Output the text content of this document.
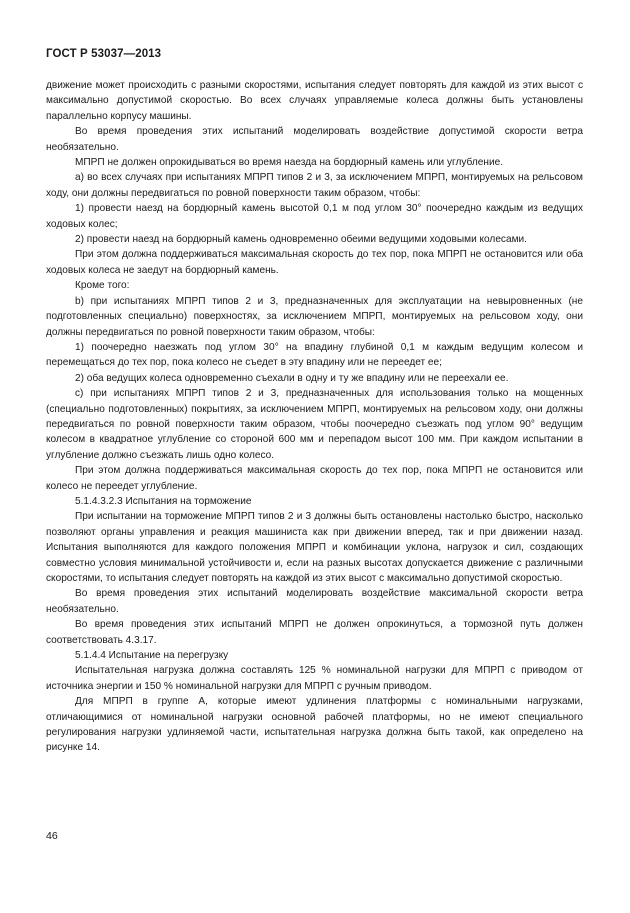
ГОСТ Р 53037—2013

движение может происходить с разными скоростями, испытания следует повторять для каждой из этих высот с максимально допустимой скоростью. Во всех случаях управляемые колеса должны быть установлены параллельно корпусу машины.

Во время проведения этих испытаний моделировать воздействие допустимой скорости ветра необязательно.

МПРП не должен опрокидываться во время наезда на бордюрный камень или углубление.

а) во всех случаях при испытаниях МПРП типов 2 и 3, за исключением МПРП, монтируемых на рельсовом ходу, они должны передвигаться по ровной поверхности таким образом, чтобы:

1) провести наезд на бордюрный камень высотой 0,1 м под углом 30° поочередно каждым из ведущих ходовых колес;

2) провести наезд на бордюрный камень одновременно обеими ведущими ходовыми колесами.

При этом должна поддерживаться максимальная скорость до тех пор, пока МПРП не остановится или оба ходовых колеса не заедут на бордюрный камень.

Кроме того:

b) при испытаниях МПРП типов 2 и 3, предназначенных для эксплуатации на невыровненных (не подготовленных специально) поверхностях, за исключением МПРП, монтируемых на рельсовом ходу, они должны передвигаться по ровной поверхности таким образом, чтобы:

1) поочередно наезжать под углом 30° на впадину глубиной 0,1 м каждым ведущим колесом и перемещаться до тех пор, пока колесо не съедет в эту впадину или не переедет ее;

2) оба ведущих колеса одновременно съехали в одну и ту же впадину или не переехали ее.

с) при испытаниях МПРП типов 2 и 3, предназначенных для использования только на мощенных (специально подготовленных) покрытиях, за исключением МПРП, монтируемых на рельсовом ходу, они должны передвигаться по ровной поверхности таким образом, чтобы поочередно съезжать под углом 90° ведущим колесом в квадратное углубление со стороной 600 мм и перепадом высот 100 мм. При каждом испытании в углубление должно съезжать лишь одно колесо.

При этом должна поддерживаться максимальная скорость до тех пор, пока МПРП не остановится или колесо не переедет углубление.

5.1.4.3.2.3 Испытания на торможение

При испытании на торможение МПРП типов 2 и 3 должны быть остановлены настолько быстро, насколько позволяют органы управления и реакция машиниста как при движении вперед, так и при движении назад. Испытания выполняются для каждого положения МПРП и комбинации уклона, нагрузок и сил, создающих совместно условия минимальной устойчивости и, если на разных высотах допускается движение с различными скоростями, то испытания следует повторять на каждой из этих высот с максимально допустимой скоростью.

Во время проведения этих испытаний моделировать воздействие максимальной скорости ветра необязательно.

Во время проведения этих испытаний МПРП не должен опрокинуться, а тормозной путь должен соответствовать 4.3.17.

5.1.4.4 Испытание на перегрузку

Испытательная нагрузка должна составлять 125 % номинальной нагрузки для МПРП с приводом от источника энергии и 150 % номинальной нагрузки для МПРП с ручным приводом.

Для МПРП в группе А, которые имеют удлинения платформы с номинальными нагрузками, отличающимися от номинальной нагрузки основной рабочей платформы, но не имеют специального регулирования нагрузки удлиняемой части, испытательная нагрузка должна быть такой, как определено на рисунке 14.

46
